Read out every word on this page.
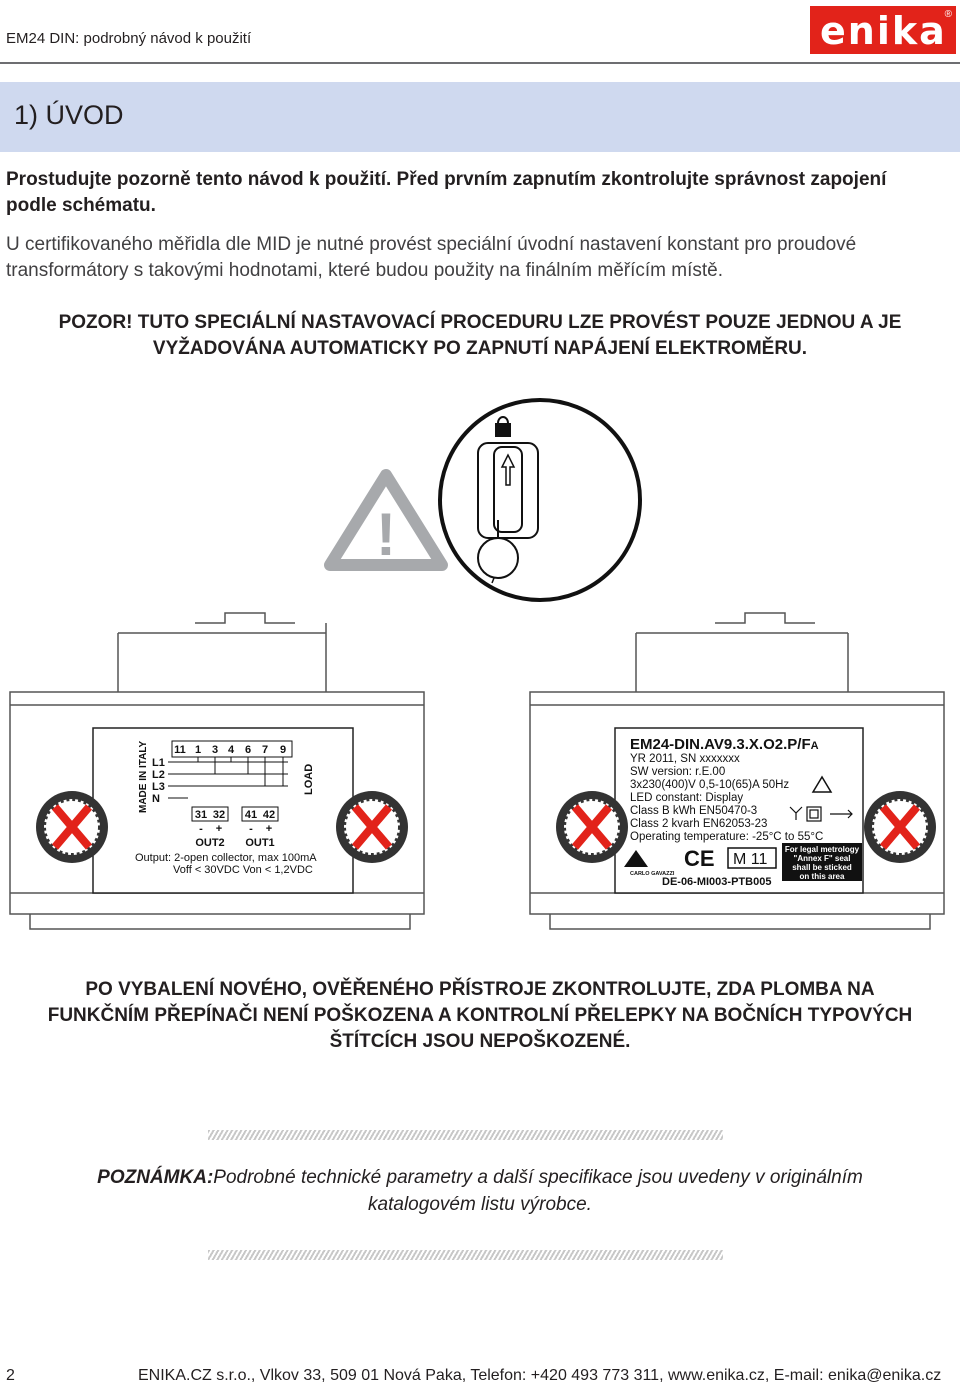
EM24 DIN: podrobný návod k použití	enika
®
1) ÚVOD
Prostudujte pozorně tento návod k použití. Před prvním zapnutím zkontrolujte správnost zapojení
podle schématu.
U certifikovaného měřidla dle MID je nutné provést speciální úvodní nastavení konstant pro proudové
transformátory s takovými hodnotami, které budou použity na finálním měřícím místě.
POZOR! TUTO SPECIÁLNÍ NASTAVOVACÍ PROCEDURU LZE PROVÉST POUZE JEDNOU A JE
VYŽADOVÁNA AUTOMATICKY PO ZAPNUTÍ NAPÁJENÍ ELEKTROMĚRU.
!
MADE IN ITALY 11 1 3 4 6 7 9
L1
L2
L3
N
LOAD
31 32 41 42
- + - +
OUT2 OUT1
Output: 2-open collector, max 100mA
Voff < 30VDC Von < 1,2VDC
EM24-DIN.AV9.3.X.O2.P/FA
YR 2011, SN xxxxxxx
SW version: r.E.00
3x230(400)V 0,5-10(65)A 50Hz
LED constant: Display
Class B kWh EN50470-3
Class 2 kvarh EN62053-23
Operating temperature: -25°C to 55°C
CARLO GAVAZZI
CE M 11
For legal metrology
"Annex F" seal
shall be sticked
on this area
DE-06-MI003-PTB005
PO VYBALENÍ NOVÉHO, OVĚŘENÉHO PŘÍSTROJE ZKONTROLUJTE, ZDA PLOMBA NA
FUNKČNÍM PŘEPÍNAČI NENÍ POŠKOZENA A KONTROLNÍ PŘELEPKY NA BOČNÍCH TYPOVÝCH
ŠTÍTCÍCH JSOU NEPOŠKOZENÉ.
POZNÁMKA:Podrobné technické parametry a další specifikace jsou uvedeny v originálním
katalogovém listu výrobce.
2	ENIKA.CZ s.r.o., Vlkov 33, 509 01 Nová Paka, Telefon: +420 493 773 311, www.enika.cz, E-mail: enika@enika.cz
